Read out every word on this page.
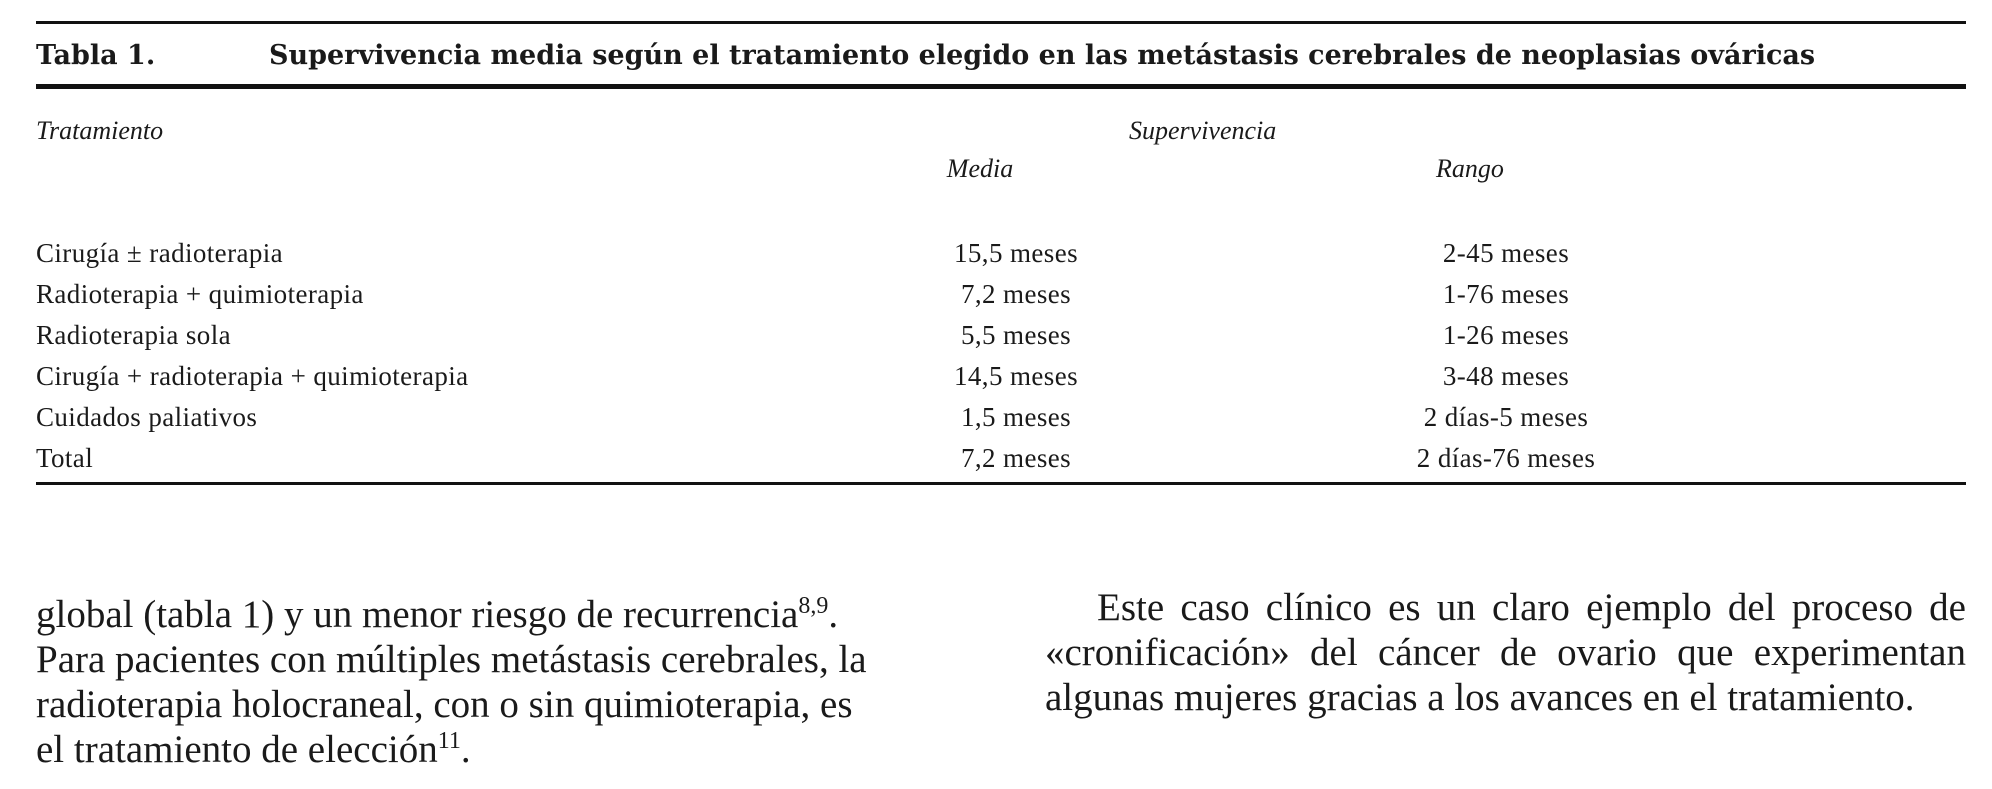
Tabla 1.	Supervivencia media según el tratamiento elegido en las metástasis cerebrales de neoplasias ováricas
Tratamiento	Supervivencia
Media	Rango
Cirugía ± radioterapia	15,5 meses	2-45 meses
Radioterapia + quimioterapia	7,2 meses	1-76 meses
Radioterapia sola	5,5 meses	1-26 meses
Cirugía + radioterapia + quimioterapia	14,5 meses	3-48 meses
Cuidados paliativos	1,5 meses	2 días-5 meses
Total	7,2 meses	2 días-76 meses
global (tabla 1) y un menor riesgo de recurrencia$^{8,9}$.
Para pacientes con múltiples metástasis cerebrales, la
radioterapia holocraneal, con o sin quimioterapia, es
el tratamiento de elección$^{11}$.

Este caso clínico es un claro ejemplo del proceso de «cronificación» del cáncer de ovario que experimentan algunas mujeres gracias a los avances en el tratamiento.
